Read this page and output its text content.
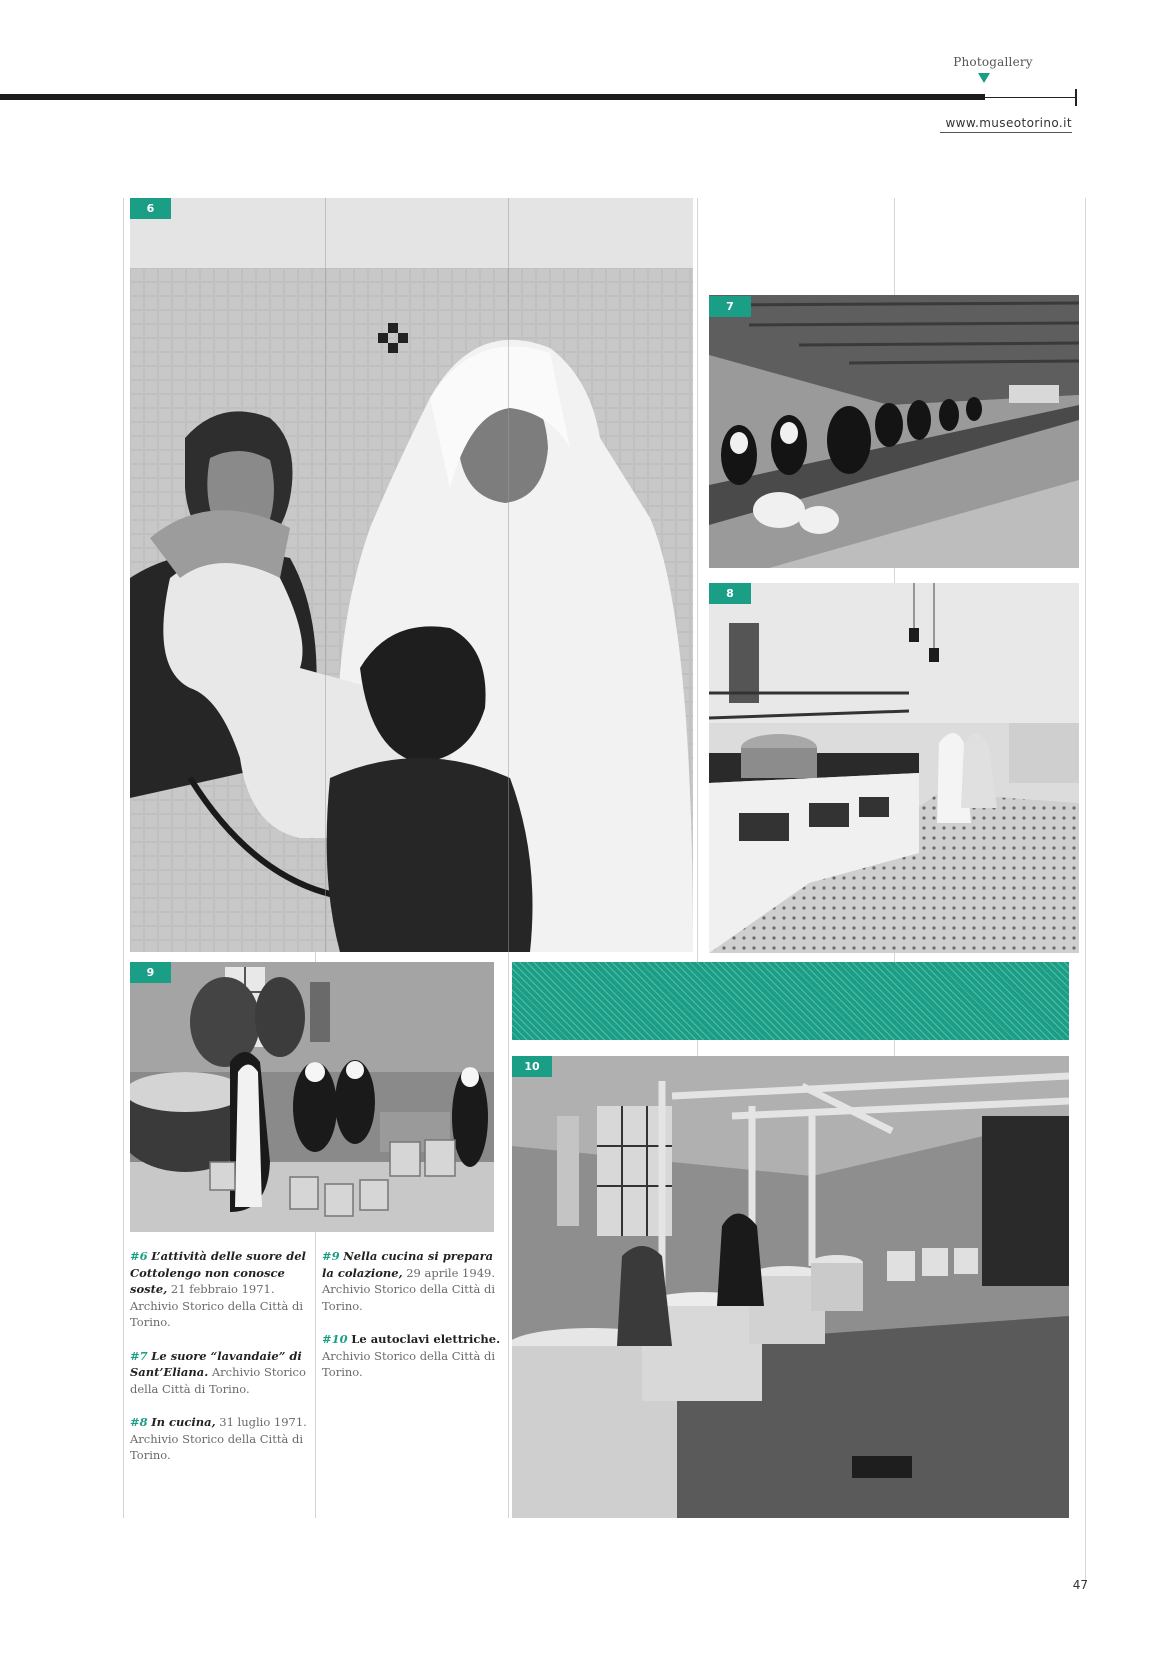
Photogallery
www.museotorino.it
6
7
8
9
10

#6 L’attività delle suore del Cottolengo non conosce soste, 21 febbraio 1971. Archivio Storico della Città di Torino.

#7 Le suore “lavandaie” di Sant’Eliana. Archivio Storico della Città di Torino.

#8 In cucina, 31 luglio 1971. Archivio Storico della Città di Torino.

#9 Nella cucina si prepara la colazione, 29 aprile 1949. Archivio Storico della Città di Torino.

#10 Le autoclavi elettriche. Archivio Storico della Città di Torino.

47
